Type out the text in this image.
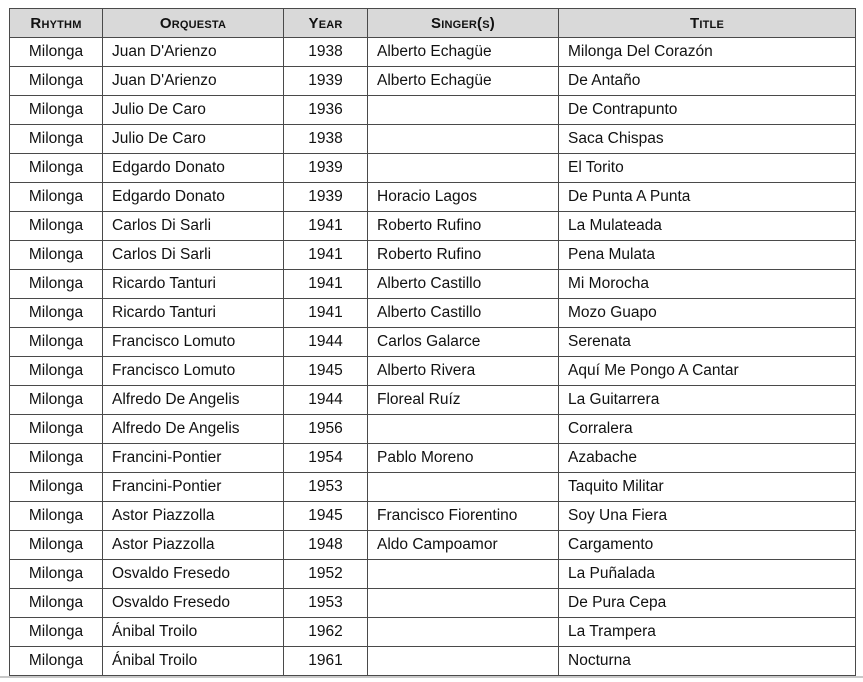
Rhythm	Orquesta	Year	Singer(s)	Title
Milonga	Juan D'Arienzo	1938	Alberto Echagüe	Milonga Del Corazón
Milonga	Juan D'Arienzo	1939	Alberto Echagüe	De Antaño
Milonga	Julio De Caro	1936		De Contrapunto
Milonga	Julio De Caro	1938		Saca Chispas
Milonga	Edgardo Donato	1939		El Torito
Milonga	Edgardo Donato	1939	Horacio Lagos	De Punta A Punta
Milonga	Carlos Di Sarli	1941	Roberto Rufino	La Mulateada
Milonga	Carlos Di Sarli	1941	Roberto Rufino	Pena Mulata
Milonga	Ricardo Tanturi	1941	Alberto Castillo	Mi Morocha
Milonga	Ricardo Tanturi	1941	Alberto Castillo	Mozo Guapo
Milonga	Francisco Lomuto	1944	Carlos Galarce	Serenata
Milonga	Francisco Lomuto	1945	Alberto Rivera	Aquí Me Pongo A Cantar
Milonga	Alfredo De Angelis	1944	Floreal Ruíz	La Guitarrera
Milonga	Alfredo De Angelis	1956		Corralera
Milonga	Francini-Pontier	1954	Pablo Moreno	Azabache
Milonga	Francini-Pontier	1953		Taquito Militar
Milonga	Astor Piazzolla	1945	Francisco Fiorentino	Soy Una Fiera
Milonga	Astor Piazzolla	1948	Aldo Campoamor	Cargamento
Milonga	Osvaldo Fresedo	1952		La Puñalada
Milonga	Osvaldo Fresedo	1953		De Pura Cepa
Milonga	Ánibal Troilo	1962		La Trampera
Milonga	Ánibal Troilo	1961		Nocturna
